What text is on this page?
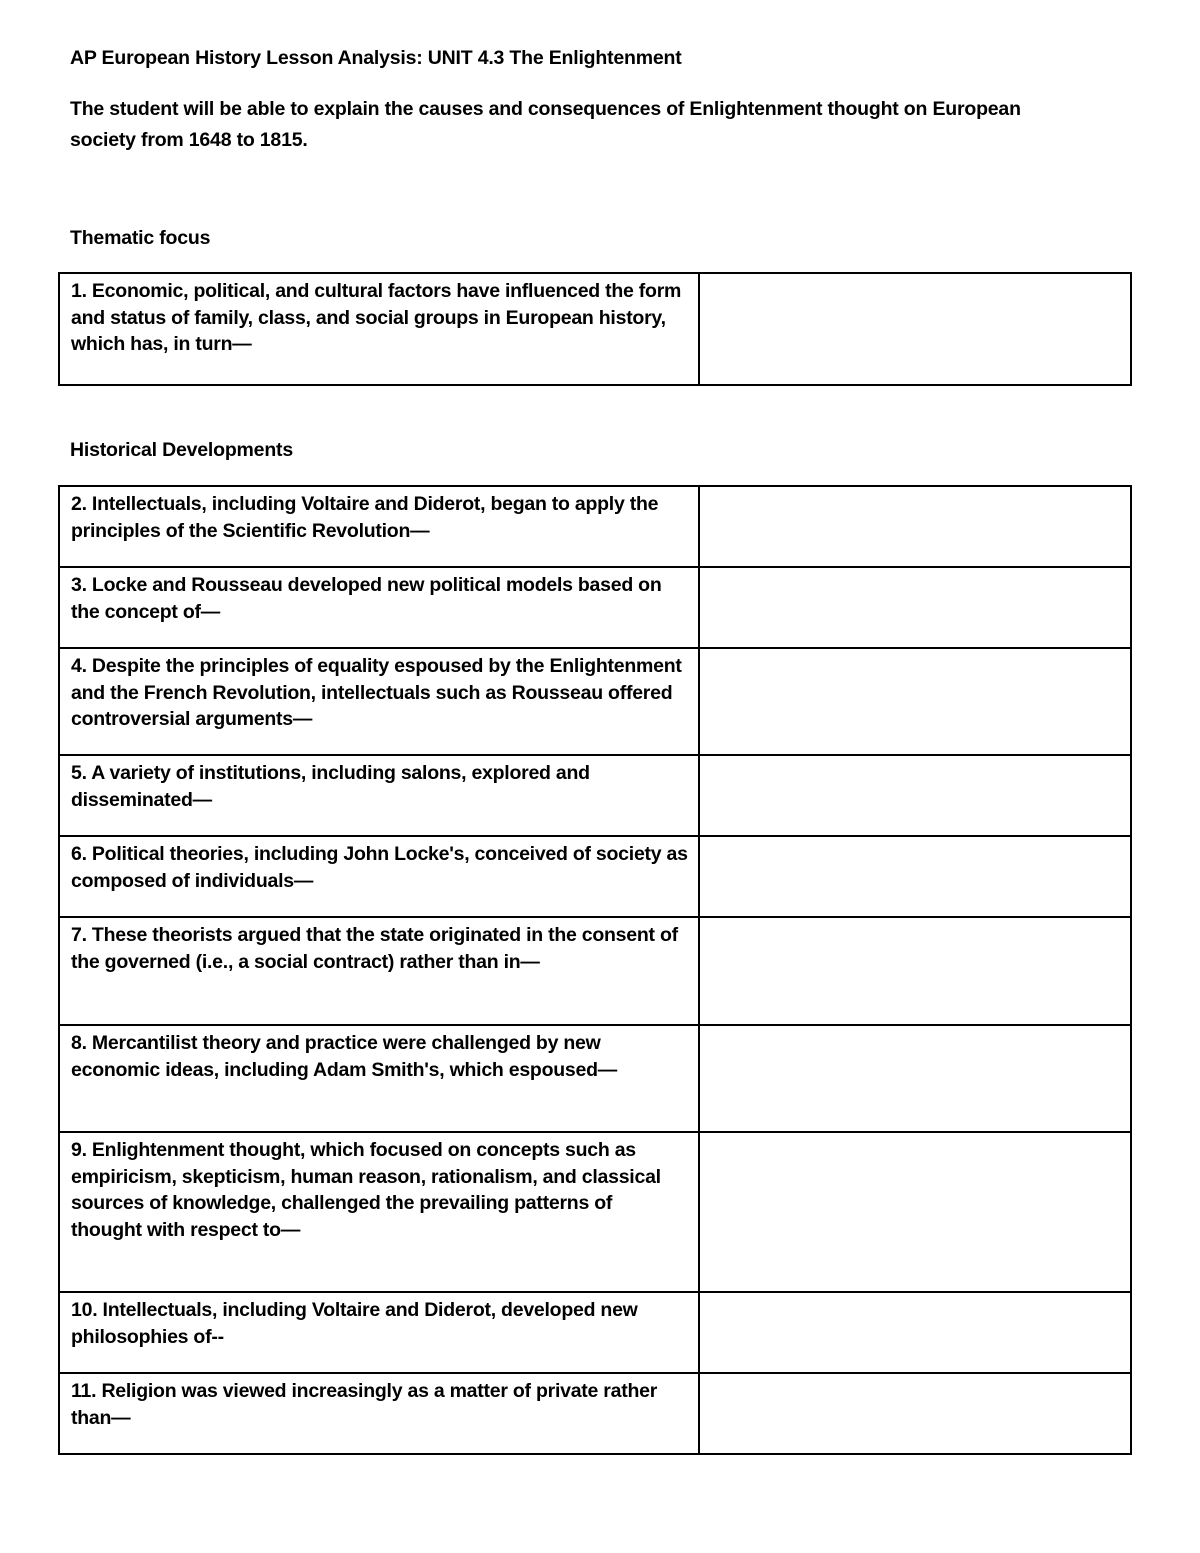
AP European History Lesson Analysis: UNIT 4.3 The Enlightenment
The student will be able to explain the causes and consequences of Enlightenment thought on European society from 1648 to 1815.
Thematic focus
1. Economic, political, and cultural factors have influenced the form and status of family, class, and social groups in European history, which has, in turn—	
Historical Developments
2. Intellectuals, including Voltaire and Diderot, began to apply the principles of the Scientific Revolution—	
3. Locke and Rousseau developed new political models based on the concept of—	
4. Despite the principles of equality espoused by the Enlightenment and the French Revolution, intellectuals such as Rousseau offered controversial arguments—	
5. A variety of institutions, including salons, explored and disseminated—	
6. Political theories, including John Locke's, conceived of society as composed of individuals—	
7. These theorists argued that the state originated in the consent of the governed (i.e., a social contract) rather than in—	
8. Mercantilist theory and practice were challenged by new economic ideas, including Adam Smith's, which espoused—	
9. Enlightenment thought, which focused on concepts such as empiricism, skepticism, human reason, rationalism, and classical sources of knowledge, challenged the prevailing patterns of thought with respect to—	
10. Intellectuals, including Voltaire and Diderot, developed new philosophies of--	
11. Religion was viewed increasingly as a matter of private rather than—	
